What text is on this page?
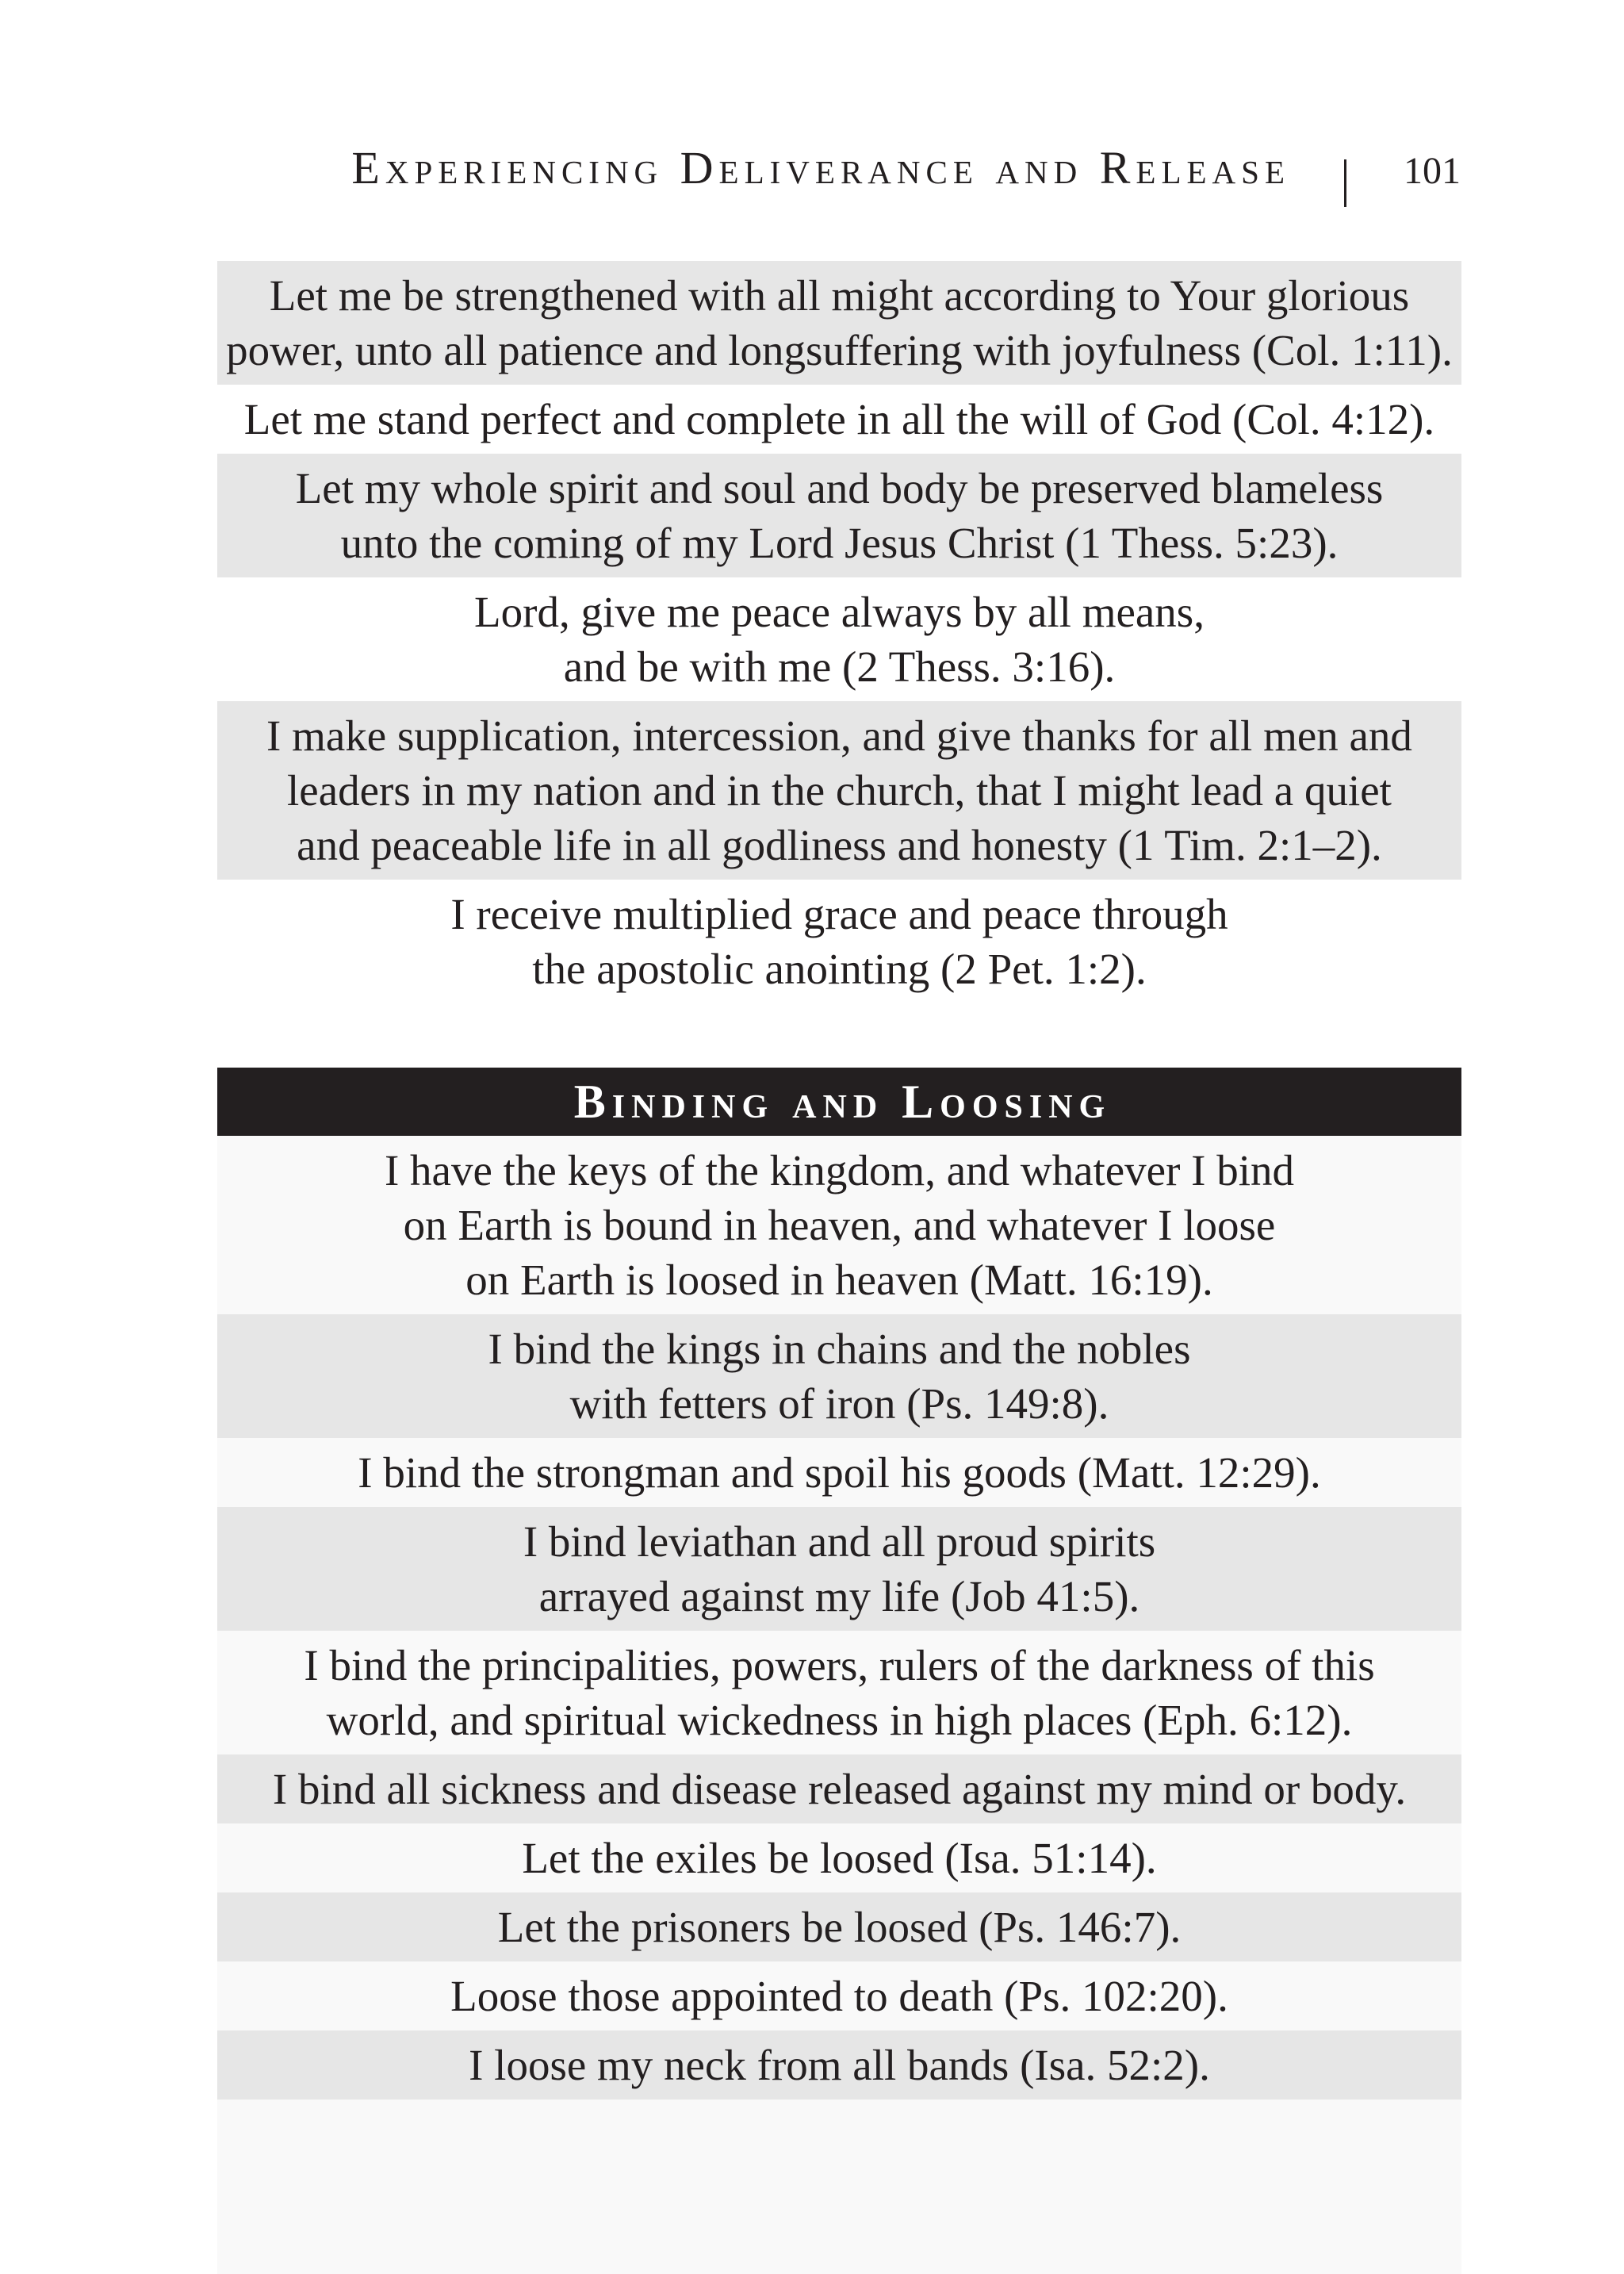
Experiencing Deliverance and Release	101
Let me be strengthened with all might according to Your glorious
power, unto all patience and longsuffering with joyfulness (Col. 1:11).
Let me stand perfect and complete in all the will of God (Col. 4:12).
Let my whole spirit and soul and body be preserved blameless
unto the coming of my Lord Jesus Christ (1 Thess. 5:23).
Lord, give me peace always by all means,
and be with me (2 Thess. 3:16).
I make supplication, intercession, and give thanks for all men and
leaders in my nation and in the church, that I might lead a quiet
and peaceable life in all godliness and honesty (1 Tim. 2:1–2).
I receive multiplied grace and peace through
the apostolic anointing (2 Pet. 1:2).
Binding and Loosing
I have the keys of the kingdom, and whatever I bind
on Earth is bound in heaven, and whatever I loose
on Earth is loosed in heaven (Matt. 16:19).
I bind the kings in chains and the nobles
with fetters of iron (Ps. 149:8).
I bind the strongman and spoil his goods (Matt. 12:29).
I bind leviathan and all proud spirits
arrayed against my life (Job 41:5).
I bind the principalities, powers, rulers of the darkness of this
world, and spiritual wickedness in high places (Eph. 6:12).
I bind all sickness and disease released against my mind or body.
Let the exiles be loosed (Isa. 51:14).
Let the prisoners be loosed (Ps. 146:7).
Loose those appointed to death (Ps. 102:20).
I loose my neck from all bands (Isa. 52:2).
